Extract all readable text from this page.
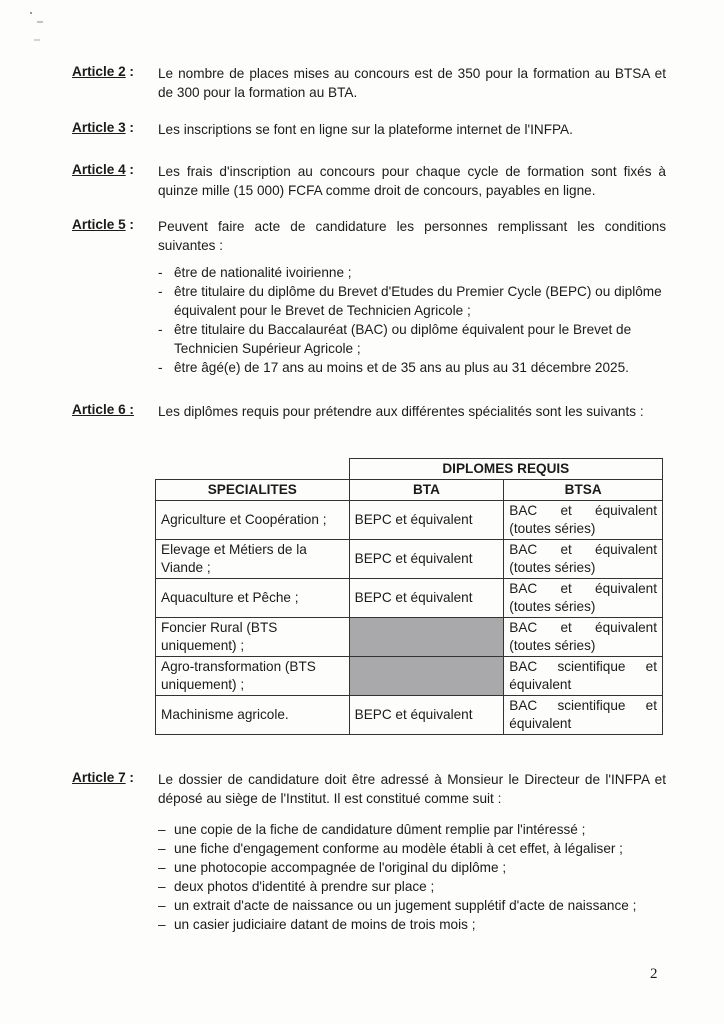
Article 2 :	Le nombre de places mises au concours est de 350 pour la formation au BTSA et de 300 pour la formation au BTA.

Article 3 :	Les inscriptions se font en ligne sur la plateforme internet de l'INFPA.

Article 4 :	Les frais d'inscription au concours pour chaque cycle de formation sont fixés à quinze mille (15 000) FCFA comme droit de concours, payables en ligne.

Article 5 :	Peuvent faire acte de candidature les personnes remplissant les conditions suivantes :

- être de nationalité ivoirienne ;
- être titulaire du diplôme du Brevet d'Etudes du Premier Cycle (BEPC) ou diplôme équivalent pour le Brevet de Technicien Agricole ;
- être titulaire du Baccalauréat (BAC) ou diplôme équivalent pour le Brevet de Technicien Supérieur Agricole ;
- être âgé(e) de 17 ans au moins et de 35 ans au plus au 31 décembre 2025.
Article 6 :	Les diplômes requis pour prétendre aux différentes spécialités sont les suivants :

	DIPLOMES REQUIS	
SPECIALITES	BTA	BTSA
Agriculture et Coopération ;	BEPC et équivalent	BAC et équivalent (toutes séries)
Elevage et Métiers de la Viande ;	BEPC et équivalent	BAC et équivalent (toutes séries)
Aquaculture et Pêche ;	BEPC et équivalent	BAC et équivalent (toutes séries)
Foncier Rural (BTS uniquement) ;		BAC et équivalent (toutes séries)
Agro-transformation (BTS uniquement) ;		BAC scientifique et équivalent
Machinisme agricole.	BEPC et équivalent	BAC scientifique et équivalent
Article 7 :	Le dossier de candidature doit être adressé à Monsieur le Directeur de l'INFPA et déposé au siège de l'Institut. Il est constitué comme suit :

– une copie de la fiche de candidature dûment remplie par l'intéressé ;
– une fiche d'engagement conforme au modèle établi à cet effet, à légaliser ;
– une photocopie accompagnée de l'original du diplôme ;
– deux photos d'identité à prendre sur place ;
– un extrait d'acte de naissance ou un jugement supplétif d'acte de naissance ;
– un casier judiciaire datant de moins de trois mois ;
2
